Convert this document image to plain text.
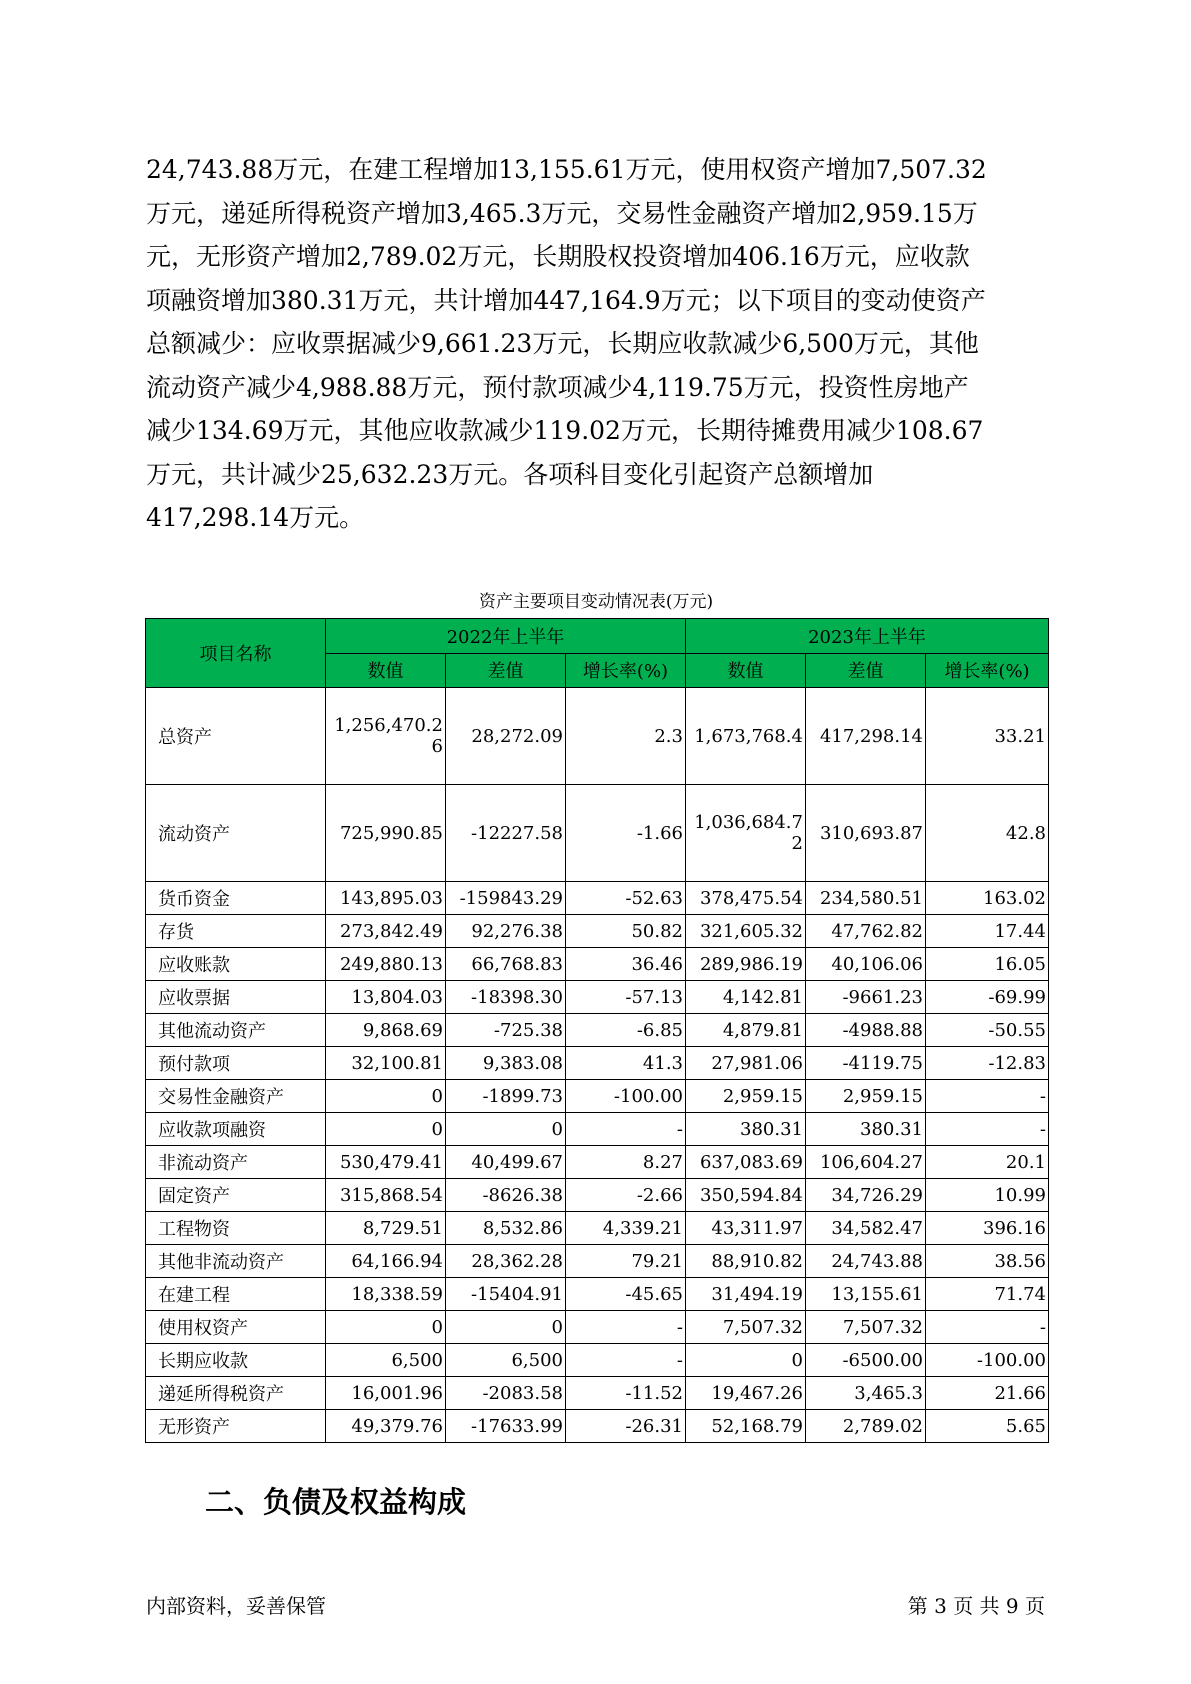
24,743.88万元，在建工程增加13,155.61万元，使用权资产增加7,507.32
万元，递延所得税资产增加3,465.3万元，交易性金融资产增加2,959.15万
元，无形资产增加2,789.02万元，长期股权投资增加406.16万元，应收款
项融资增加380.31万元，共计增加447,164.9万元；以下项目的变动使资产
总额减少：应收票据减少9,661.23万元，长期应收款减少6,500万元，其他
流动资产减少4,988.88万元，预付款项减少4,119.75万元，投资性房地产
减少134.69万元，其他应收款减少119.02万元，长期待摊费用减少108.67
万元，共计减少25,632.23万元。各项科目变化引起资产总额增加
417,298.14万元。
资产主要项目变动情况表(万元)
项目名称	2022年上半年			2023年上半年		
	数值	差值	增长率(%)	数值	差值	增长率(%)
总资产	1,256,470.26	28,272.09	2.3	1,673,768.4	417,298.14	33.21
流动资产	725,990.85	-12227.58	-1.66	1,036,684.72	310,693.87	42.8
货币资金	143,895.03	-159843.29	-52.63	378,475.54	234,580.51	163.02
存货	273,842.49	92,276.38	50.82	321,605.32	47,762.82	17.44
应收账款	249,880.13	66,768.83	36.46	289,986.19	40,106.06	16.05
应收票据	13,804.03	-18398.30	-57.13	4,142.81	-9661.23	-69.99
其他流动资产	9,868.69	-725.38	-6.85	4,879.81	-4988.88	-50.55
预付款项	32,100.81	9,383.08	41.3	27,981.06	-4119.75	-12.83
交易性金融资产	0	-1899.73	-100.00	2,959.15	2,959.15	-
应收款项融资	0	0	-	380.31	380.31	-
非流动资产	530,479.41	40,499.67	8.27	637,083.69	106,604.27	20.1
固定资产	315,868.54	-8626.38	-2.66	350,594.84	34,726.29	10.99
工程物资	8,729.51	8,532.86	4,339.21	43,311.97	34,582.47	396.16
其他非流动资产	64,166.94	28,362.28	79.21	88,910.82	24,743.88	38.56
在建工程	18,338.59	-15404.91	-45.65	31,494.19	13,155.61	71.74
使用权资产	0	0	-	7,507.32	7,507.32	-
长期应收款	6,500	6,500	-	0	-6500.00	-100.00
递延所得税资产	16,001.96	-2083.58	-11.52	19,467.26	3,465.3	21.66
无形资产	49,379.76	-17633.99	-26.31	52,168.79	2,789.02	5.65
二、负债及权益构成
内部资料，妥善保管	第 3 页 共 9 页
